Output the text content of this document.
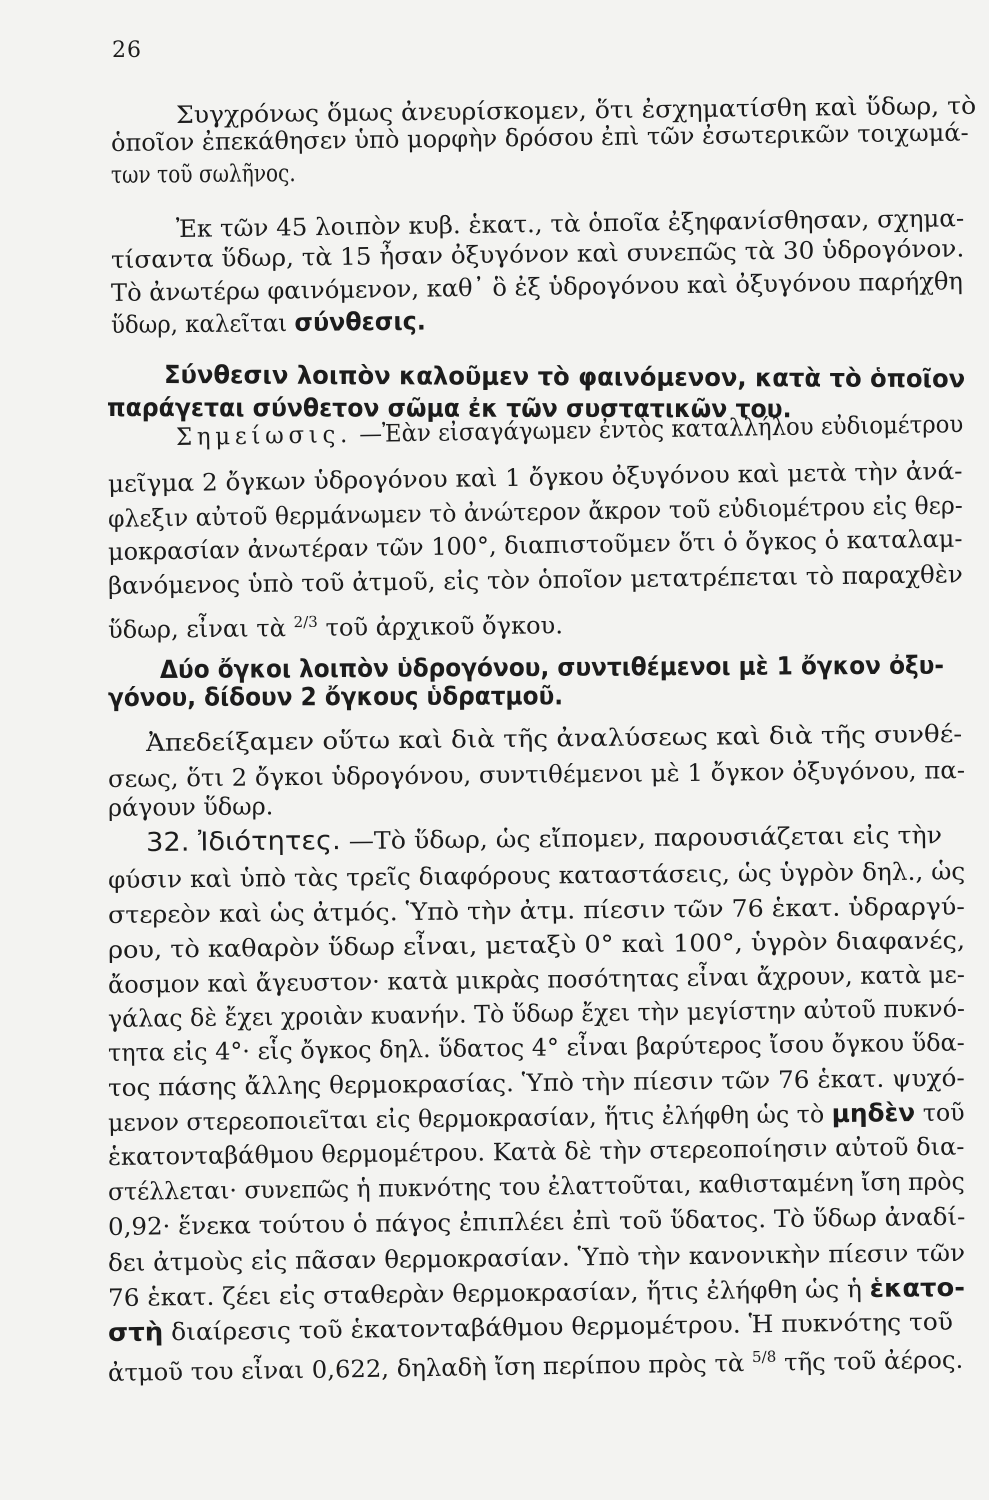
26
Συγχρόνως ὅμως ἀνευρίσκομεν, ὅτι ἐσχηματίσθη καὶ ὕδωρ, τὸ
ὁποῖον ἐπεκάθησεν ὑπὸ μορφὴν δρόσου ἐπὶ τῶν ἐσωτερικῶν τοιχωμά-
των τοῦ σωλῆνος.
Ἐκ τῶν 45 λοιπὸν κυβ. ἑκατ., τὰ ὁποῖα ἐξηφανίσθησαν, σχημα-
τίσαντα ὕδωρ, τὰ 15 ἦσαν ὀξυγόνον καὶ συνεπῶς τὰ 30 ὑδρογόνον.
Τὸ ἀνωτέρω φαινόμενον, καθ᾽ ὃ ἐξ ὑδρογόνου καὶ ὀξυγόνου παρήχθη
ὕδωρ, καλεῖται σύνθεσις.
Σύνθεσιν λοιπὸν καλοῦμεν τὸ φαινόμενον, κατὰ τὸ ὁποῖον
παράγεται σύνθετον σῶμα ἐκ τῶν συστατικῶν του.
Σημείωσις. —Ἐὰν εἰσαγάγωμεν ἐντὸς καταλλήλου εὐδιομέτρου
μεῖγμα 2 ὄγκων ὑδρογόνου καὶ 1 ὄγκου ὀξυγόνου καὶ μετὰ τὴν ἀνά-
φλεξιν αὐτοῦ θερμάνωμεν τὸ ἀνώτερον ἄκρον τοῦ εὐδιομέτρου εἰς θερ-
μοκρασίαν ἀνωτέραν τῶν 100°, διαπιστοῦμεν ὅτι ὁ ὄγκος ὁ καταλαμ-
βανόμενος ὑπὸ τοῦ ἀτμοῦ, εἰς τὸν ὁποῖον μετατρέπεται τὸ παραχθὲν
ὕδωρ, εἶναι τὰ $^{2/3}$ τοῦ ἀρχικοῦ ὄγκου.
Δύο ὄγκοι λοιπὸν ὑδρογόνου, συντιθέμενοι μὲ 1 ὄγκον ὀξυ-
γόνου, δίδουν 2 ὄγκους ὑδρατμοῦ.
Ἀπεδείξαμεν οὕτω καὶ διὰ τῆς ἀναλύσεως καὶ διὰ τῆς συνθέ-
σεως, ὅτι 2 ὄγκοι ὑδρογόνου, συντιθέμενοι μὲ 1 ὄγκον ὀξυγόνου, πα-
ράγουν ὕδωρ.
32. Ἰδιότητες. —Τὸ ὕδωρ, ὡς εἴπομεν, παρουσιάζεται εἰς τὴν
φύσιν καὶ ὑπὸ τὰς τρεῖς διαφόρους καταστάσεις, ὡς ὑγρὸν δηλ., ὡς
στερεὸν καὶ ὡς ἀτμός. Ὑπὸ τὴν ἀτμ. πίεσιν τῶν 76 ἑκατ. ὑδραργύ-
ρου, τὸ καθαρὸν ὕδωρ εἶναι, μεταξὺ 0° καὶ 100°, ὑγρὸν διαφανές,
ἄοσμον καὶ ἄγευστον· κατὰ μικρὰς ποσότητας εἶναι ἄχρουν, κατὰ με-
γάλας δὲ ἔχει χροιὰν κυανήν. Τὸ ὕδωρ ἔχει τὴν μεγίστην αὐτοῦ πυκνό-
τητα εἰς 4°· εἷς ὄγκος δηλ. ὕδατος 4° εἶναι βαρύτερος ἴσου ὄγκου ὕδα-
τος πάσης ἄλλης θερμοκρασίας. Ὑπὸ τὴν πίεσιν τῶν 76 ἑκατ. ψυχό-
μενον στερεοποιεῖται εἰς θερμοκρασίαν, ἥτις ἐλήφθη ὡς τὸ μηδὲν τοῦ
ἑκατονταβάθμου θερμομέτρου. Κατὰ δὲ τὴν στερεοποίησιν αὐτοῦ δια-
στέλλεται· συνεπῶς ἡ πυκνότης του ἐλαττοῦται, καθισταμένη ἴση πρὸς
0,92· ἕνεκα τούτου ὁ πάγος ἐπιπλέει ἐπὶ τοῦ ὕδατος. Τὸ ὕδωρ ἀναδί-
δει ἀτμοὺς εἰς πᾶσαν θερμοκρασίαν. Ὑπὸ τὴν κανονικὴν πίεσιν τῶν
76 ἑκατ. ζέει εἰς σταθερὰν θερμοκρασίαν, ἥτις ἐλήφθη ὡς ἡ ἑκατο-
στὴ διαίρεσις τοῦ ἑκατονταβάθμου θερμομέτρου. Ἡ πυκνότης τοῦ
ἀτμοῦ του εἶναι 0,622, δηλαδὴ ἴση περίπου πρὸς τὰ $^{5/8}$ τῆς τοῦ ἀέρος.
